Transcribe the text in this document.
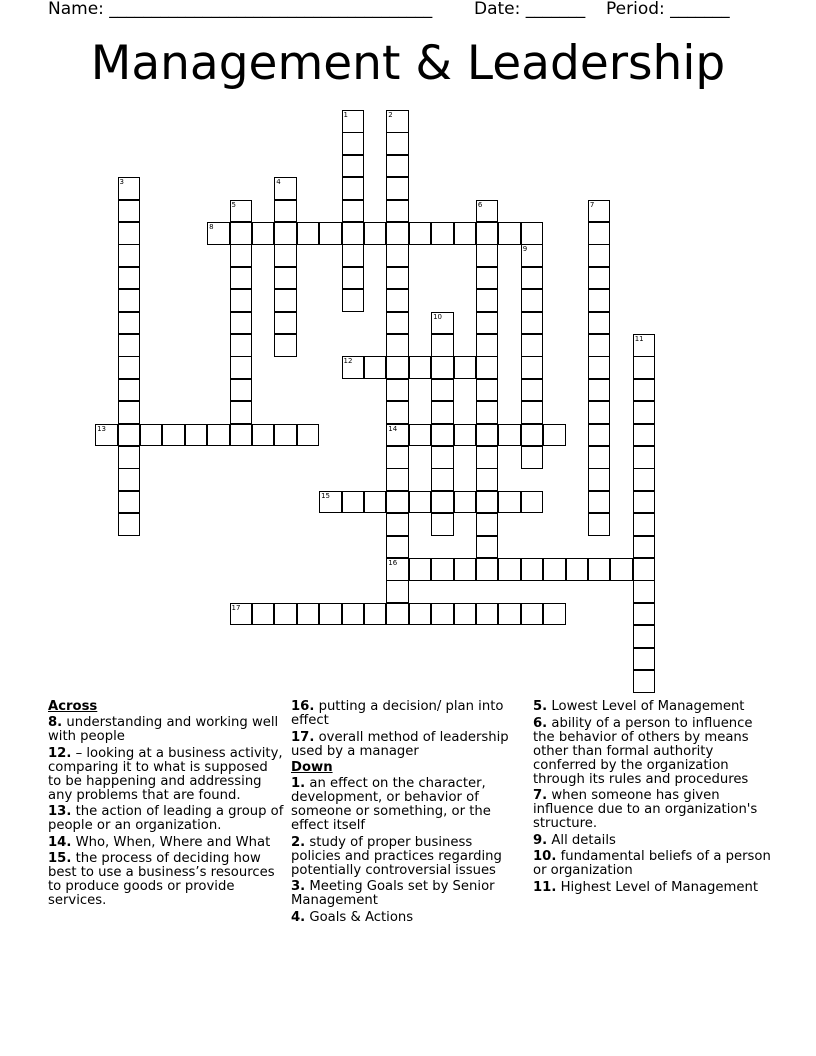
Name: ______________________________________ Date: _______ Period: _______
Management & Leadership
1	2
14
16
3	4
5	6	7
8
9
10
11
12
13
15
17
Across
8. understanding and working well with people
12. – looking at a business activity, comparing it to what is supposed to be happening and addressing any problems that are found.
13. the action of leading a group of people or an organization.
14. Who, When, Where and What
15. the process of deciding how best to use a business’s resources to produce goods or provide services.
16. putting a decision/ plan into effect
17. overall method of leadership used by a manager
Down
1. an effect on the character, development, or behavior of someone or something, or the effect itself
2. study of proper business policies and practices regarding potentially controversial issues
3. Meeting Goals set by Senior Management
4. Goals & Actions
5. Lowest Level of Management
6. ability of a person to influence the behavior of others by means other than formal authority conferred by the organization through its rules and procedures
7. when someone has given influence due to an organization's structure.
9. All details
10. fundamental beliefs of a person or organization
11. Highest Level of Management
